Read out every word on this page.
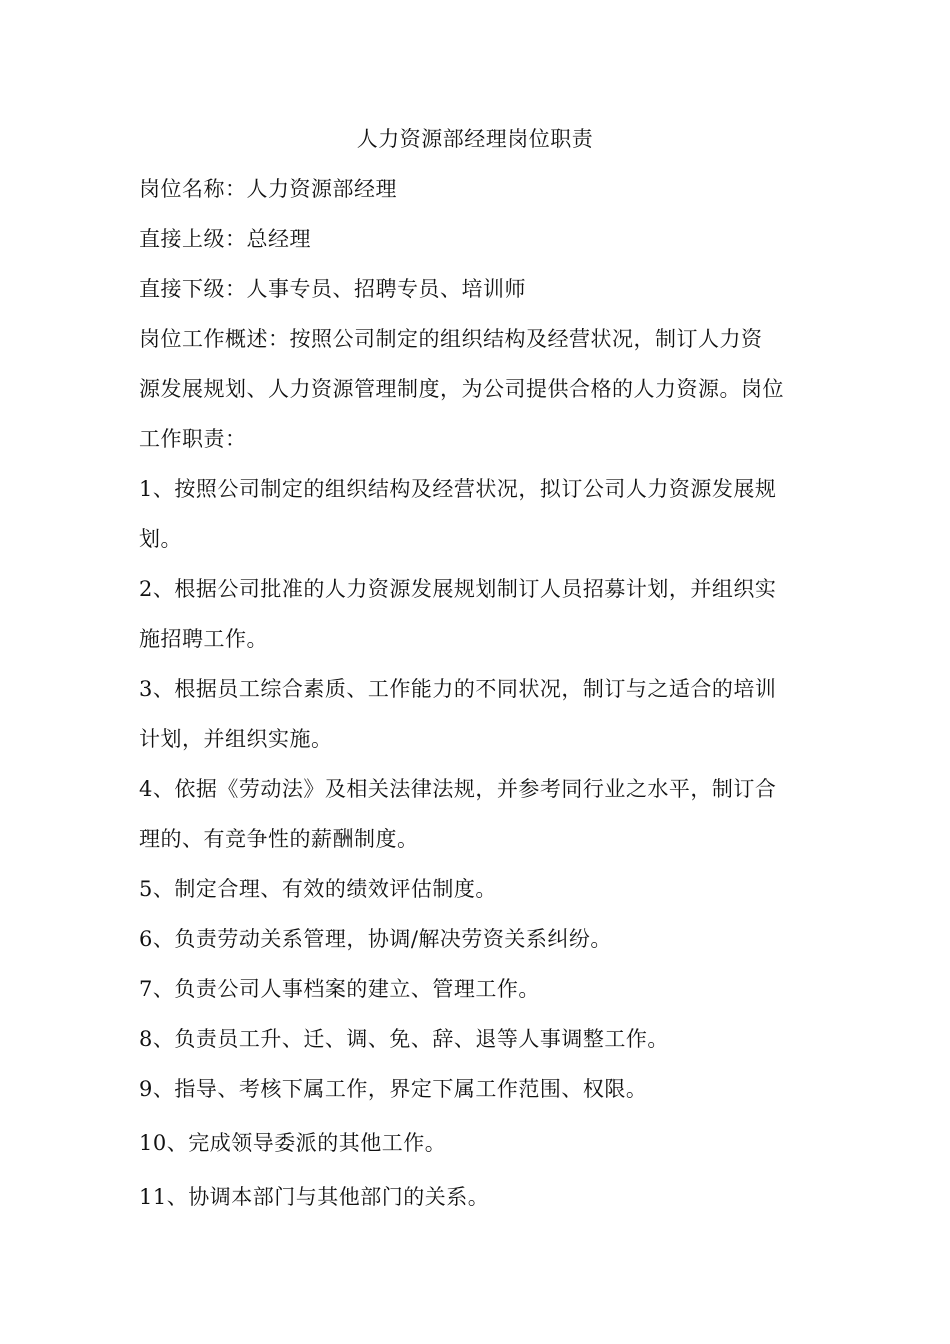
人力资源部经理岗位职责
岗位名称：人力资源部经理
直接上级：总经理
直接下级：人事专员、招聘专员、培训师
岗位工作概述：按照公司制定的组织结构及经营状况，制订人力资
源发展规划、人力资源管理制度，为公司提供合格的人力资源。岗位
工作职责：
1、按照公司制定的组织结构及经营状况，拟订公司人力资源发展规
划。
2、根据公司批准的人力资源发展规划制订人员招募计划，并组织实
施招聘工作。
3、根据员工综合素质、工作能力的不同状况，制订与之适合的培训
计划，并组织实施。
4、依据《劳动法》及相关法律法规，并参考同行业之水平，制订合
理的、有竞争性的薪酬制度。
5、制定合理、有效的绩效评估制度。
6、负责劳动关系管理，协调/解决劳资关系纠纷。
7、负责公司人事档案的建立、管理工作。
8、负责员工升、迁、调、免、辞、退等人事调整工作。
9、指导、考核下属工作，界定下属工作范围、权限。
10、完成领导委派的其他工作。
11、协调本部门与其他部门的关系。
